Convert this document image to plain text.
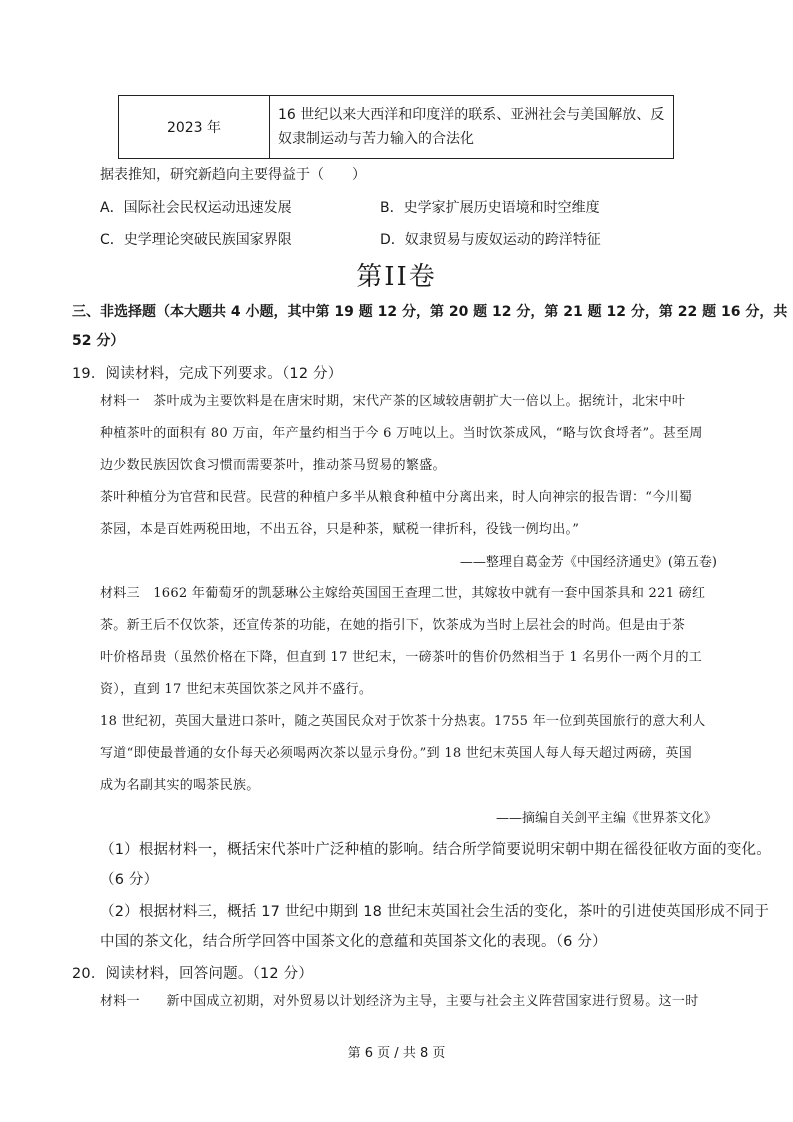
2023 年	16 世纪以来大西洋和印度洋的联系、亚洲社会与美国解放、反奴隶制运动与苦力输入的合法化
据表推知，研究新趋向主要得益于（　　）
A．国际社会民权运动迅速发展	B．史学家扩展历史语境和时空维度
C．史学理论突破民族国家界限	D．奴隶贸易与废奴运动的跨洋特征
第II卷
三、非选择题（本大题共 4 小题，其中第 19 题 12 分，第 20 题 12 分，第 21 题 12 分，第 22 题 16 分，共
52 分）
19．阅读材料，完成下列要求。（12 分）
材料一　茶叶成为主要饮料是在唐宋时期，宋代产茶的区域较唐朝扩大一倍以上。据统计，北宋中叶
种植茶叶的面积有 80 万亩，年产量约相当于今 6 万吨以上。当时饮茶成风，“略与饮食埒者”。甚至周
边少数民族因饮食习惯而需要茶叶，推动茶马贸易的繁盛。
茶叶种植分为官营和民营。民营的种植户多半从粮食种植中分离出来，时人向神宗的报告谓：“今川蜀
茶园，本是百姓两税田地，不出五谷，只是种茶，赋税一律折科，役钱一例均出。”
——整理自葛金芳《中国经济通史》(第五卷)
材料三　1662 年葡萄牙的凯瑟琳公主嫁给英国国王查理二世，其嫁妆中就有一套中国茶具和 221 磅红
茶。新王后不仅饮茶，还宣传茶的功能，在她的指引下，饮茶成为当时上层社会的时尚。但是由于茶
叶价格昂贵（虽然价格在下降，但直到 17 世纪末，一磅茶叶的售价仍然相当于 1 名男仆一两个月的工
资），直到 17 世纪末英国饮茶之风并不盛行。
18 世纪初，英国大量进口茶叶，随之英国民众对于饮茶十分热衷。1755 年一位到英国旅行的意大利人
写道“即使最普通的女仆每天必须喝两次茶以显示身份。”到 18 世纪末英国人每人每天超过两磅，英国
成为名副其实的喝茶民族。
——摘编自关剑平主编《世界茶文化》
（1）根据材料一，概括宋代茶叶广泛种植的影响。结合所学简要说明宋朝中期在徭役征收方面的变化。
（6 分）
（2）根据材料三，概括 17 世纪中期到 18 世纪末英国社会生活的变化，茶叶的引进使英国形成不同于
中国的茶文化，结合所学回答中国茶文化的意蕴和英国茶文化的表现。（6 分）
20．阅读材料，回答问题。（12 分）
材料一　　新中国成立初期，对外贸易以计划经济为主导，主要与社会主义阵营国家进行贸易。这一时
第 6 页 / 共 8 页
